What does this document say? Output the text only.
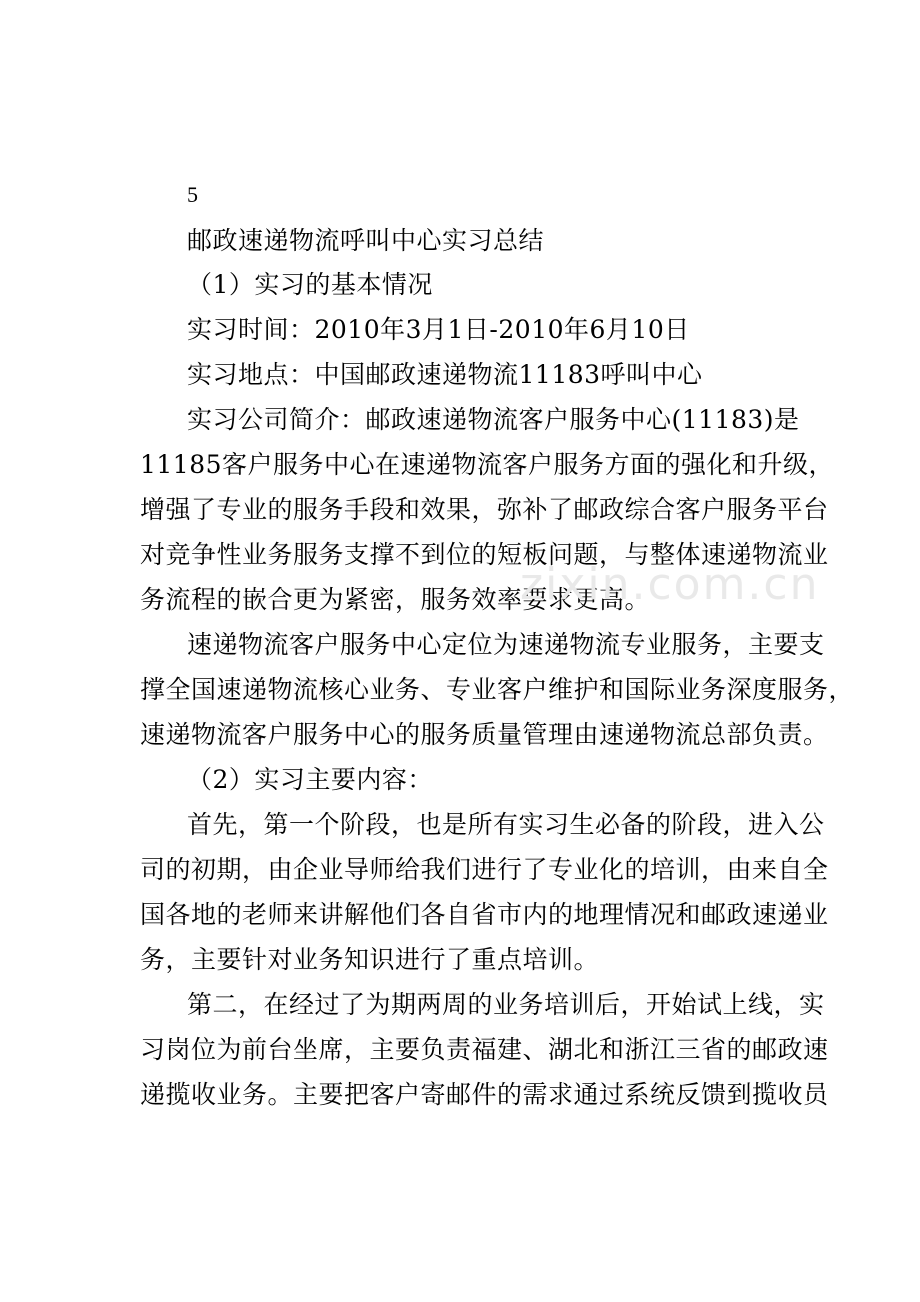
5
邮政速递物流呼叫中心实习总结
（1）实习的基本情况
实习时间：2010年3月1日-2010年6月10日
实习地点：中国邮政速递物流11183呼叫中心
实习公司简介：邮政速递物流客户服务中心(11183)是
11185客户服务中心在速递物流客户服务方面的强化和升级，
增强了专业的服务手段和效果，弥补了邮政综合客户服务平台
对竞争性业务服务支撑不到位的短板问题，与整体速递物流业
务流程的嵌合更为紧密，服务效率要求更高。
速递物流客户服务中心定位为速递物流专业服务，主要支
撑全国速递物流核心业务、专业客户维护和国际业务深度服务，
速递物流客户服务中心的服务质量管理由速递物流总部负责。
（2）实习主要内容：
首先，第一个阶段，也是所有实习生必备的阶段，进入公
司的初期，由企业导师给我们进行了专业化的培训，由来自全
国各地的老师来讲解他们各自省市内的地理情况和邮政速递业
务，主要针对业务知识进行了重点培训。
第二，在经过了为期两周的业务培训后，开始试上线，实
习岗位为前台坐席，主要负责福建、湖北和浙江三省的邮政速
递揽收业务。主要把客户寄邮件的需求通过系统反馈到揽收员
zixin.com.cn
